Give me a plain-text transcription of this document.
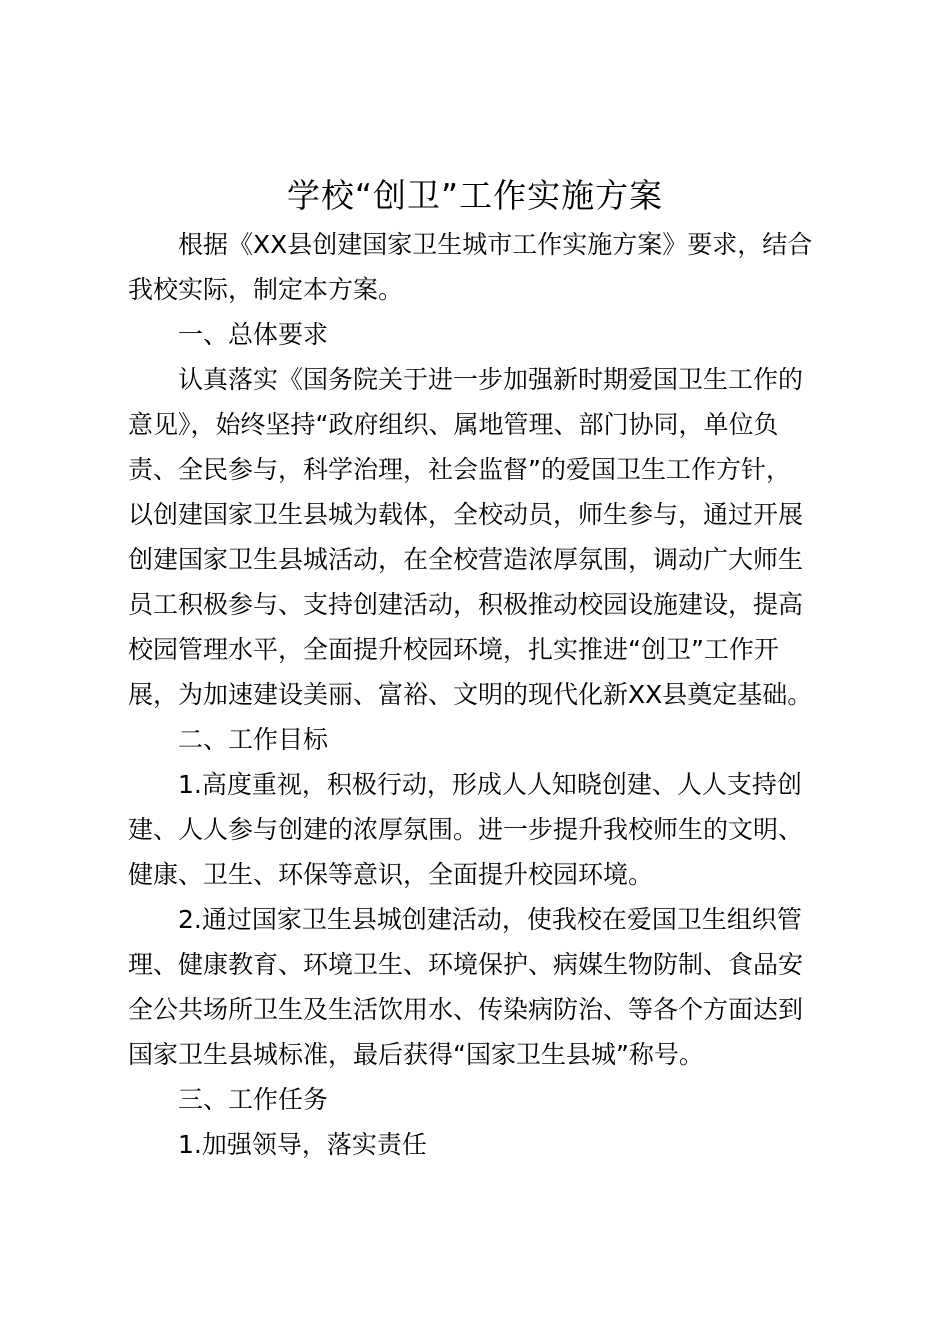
学校“创卫”工作实施方案
根据《XX县创建国家卫生城市工作实施方案》要求，结合
我校实际，制定本方案。
一、总体要求
认真落实《国务院关于进一步加强新时期爱国卫生工作的
意见》，始终坚持“政府组织、属地管理、部门协同，单位负
责、全民参与，科学治理，社会监督”的爱国卫生工作方针，
以创建国家卫生县城为载体，全校动员，师生参与，通过开展
创建国家卫生县城活动，在全校营造浓厚氛围，调动广大师生
员工积极参与、支持创建活动，积极推动校园设施建设，提高
校园管理水平，全面提升校园环境，扎实推进“创卫”工作开
展，为加速建设美丽、富裕、文明的现代化新XX县奠定基础。
二、工作目标
1.高度重视，积极行动，形成人人知晓创建、人人支持创
建、人人参与创建的浓厚氛围。进一步提升我校师生的文明、
健康、卫生、环保等意识，全面提升校园环境。
2.通过国家卫生县城创建活动，使我校在爱国卫生组织管
理、健康教育、环境卫生、环境保护、病媒生物防制、食品安
全公共场所卫生及生活饮用水、传染病防治、等各个方面达到
国家卫生县城标准，最后获得“国家卫生县城”称号。
三、工作任务
1.加强领导，落实责任
